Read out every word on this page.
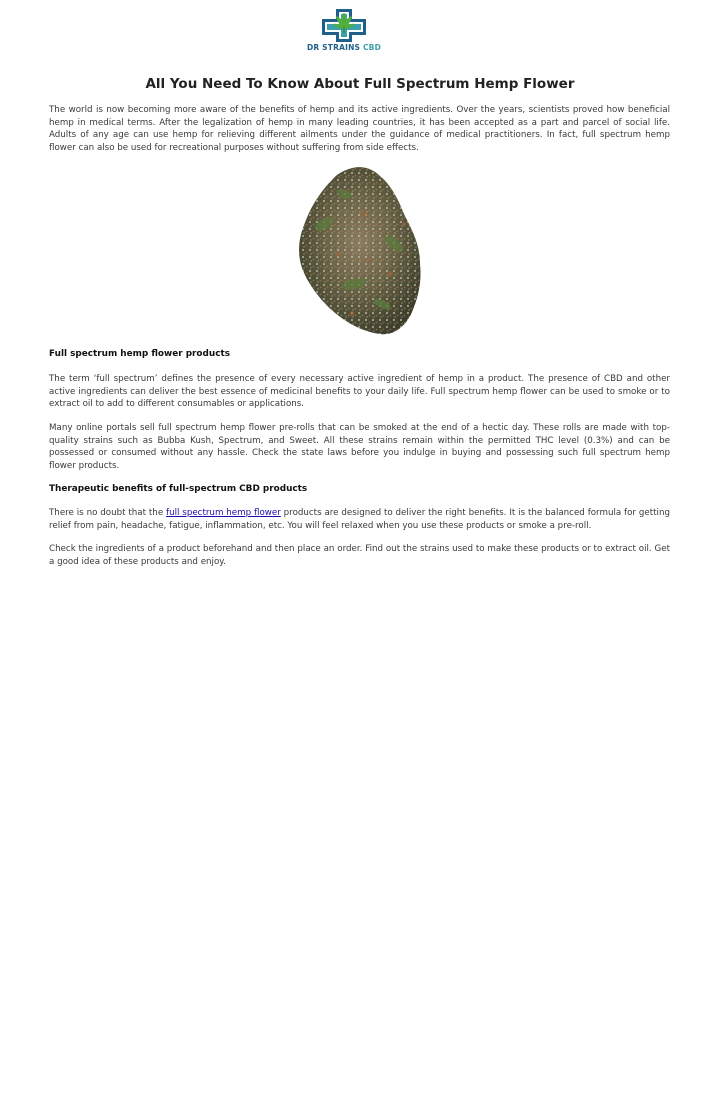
DR STRAINS CBD
All You Need To Know About Full Spectrum Hemp Flower

The world is now becoming more aware of the benefits of hemp and its active ingredients. Over the years, scientists proved how beneficial hemp in medical terms. After the legalization of hemp in many leading countries, it has been accepted as a part and parcel of social life. Adults of any age can use hemp for relieving different ailments under the guidance of medical practitioners. In fact, full spectrum hemp flower can also be used for recreational purposes without suffering from side effects.

Full spectrum hemp flower products

The term ‘full spectrum’ defines the presence of every necessary active ingredient of hemp in a product. The presence of CBD and other active ingredients can deliver the best essence of medicinal benefits to your daily life. Full spectrum hemp flower can be used to smoke or to extract oil to add to different consumables or applications.

Many online portals sell full spectrum hemp flower pre-rolls that can be smoked at the end of a hectic day. These rolls are made with top-quality strains such as Bubba Kush, Spectrum, and Sweet. All these strains remain within the permitted THC level (0.3%) and can be possessed or consumed without any hassle. Check the state laws before you indulge in buying and possessing such full spectrum hemp flower products.

Therapeutic benefits of full-spectrum CBD products

There is no doubt that the full spectrum hemp flower products are designed to deliver the right benefits. It is the balanced formula for getting relief from pain, headache, fatigue, inflammation, etc. You will feel relaxed when you use these products or smoke a pre-roll.

Check the ingredients of a product beforehand and then place an order. Find out the strains used to make these products or to extract oil. Get a good idea of these products and enjoy.
